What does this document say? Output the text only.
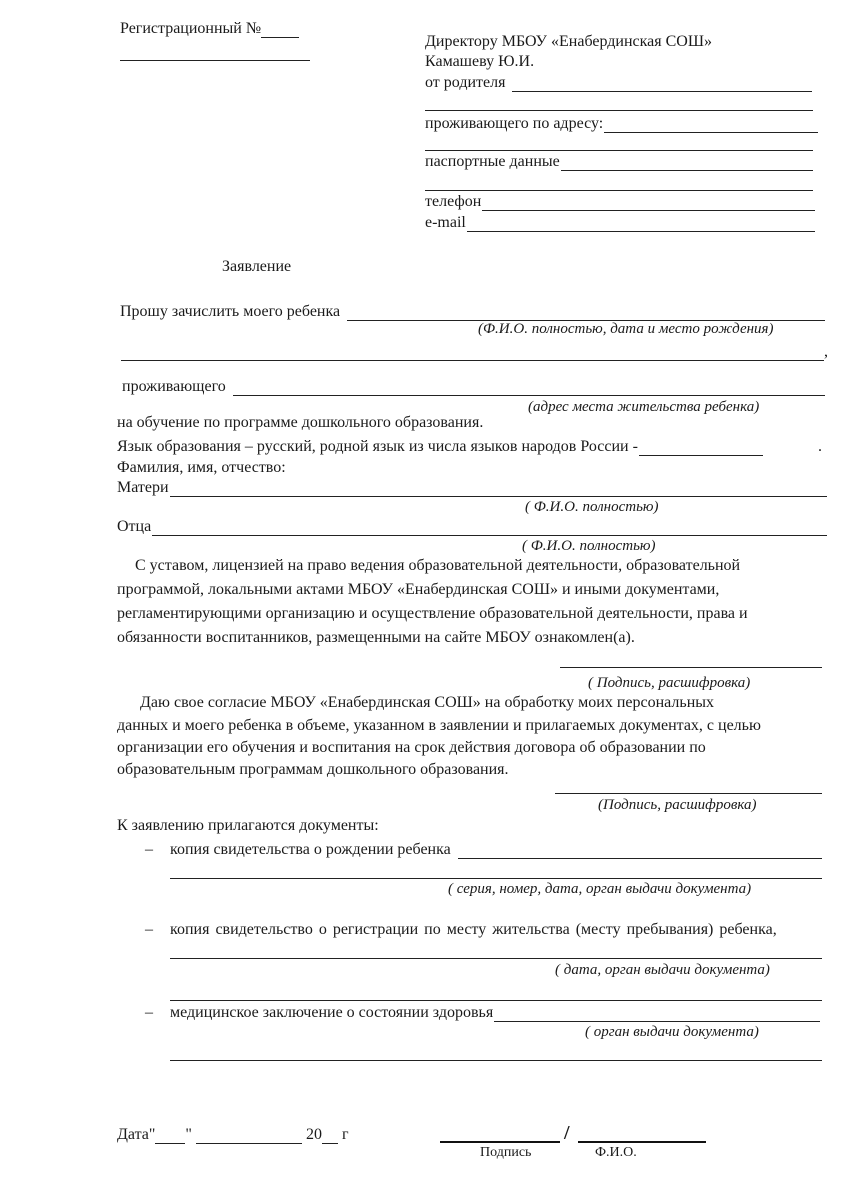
Регистрационный №
Директору МБОУ «Енабердинская СОШ»
Камашеву Ю.И.
от родителя
проживающего по адресу:
паспортные данные
телефон
e-mail
Заявление
Прошу зачислить моего ребенка
(Ф.И.О. полностью, дата и место рождения)
,
проживающего
(адрес места жительства ребенка)
на обучение по программе дошкольного образования.
Язык образования – русский, родной язык из числа языков народов России -	.
Фамилия, имя, отчество:
Матери
( Ф.И.О. полностью)
Отца
( Ф.И.О. полностью)
С уставом, лицензией на право ведения образовательной деятельности, образовательной
программой, локальными актами МБОУ «Енабердинская СОШ» и иными документами,
регламентирующими организацию и осуществление образовательной деятельности, права и
обязанности воспитанников, размещенными на сайте МБОУ ознакомлен(а).
( Подпись, расшифровка)
Даю свое согласие МБОУ «Енабердинская СОШ» на обработку моих персональных
данных и моего ребенка в объеме, указанном в заявлении и прилагаемых документах, с целью
организации его обучения и воспитания на срок действия договора об образовании по
образовательным программам дошкольного образования.
(Подпись, расшифровка)
К заявлению прилагаются документы:
– копия свидетельства о рождении ребенка
( серия, номер, дата, орган выдачи документа)
– копия свидетельство о регистрации по месту жительства (месту пребывания) ребенка,
( дата, орган выдачи документа)
– медицинское заключение о состоянии здоровья
( орган выдачи документа)
Дата" "	20 г	/
Подпись	Ф.И.О.
